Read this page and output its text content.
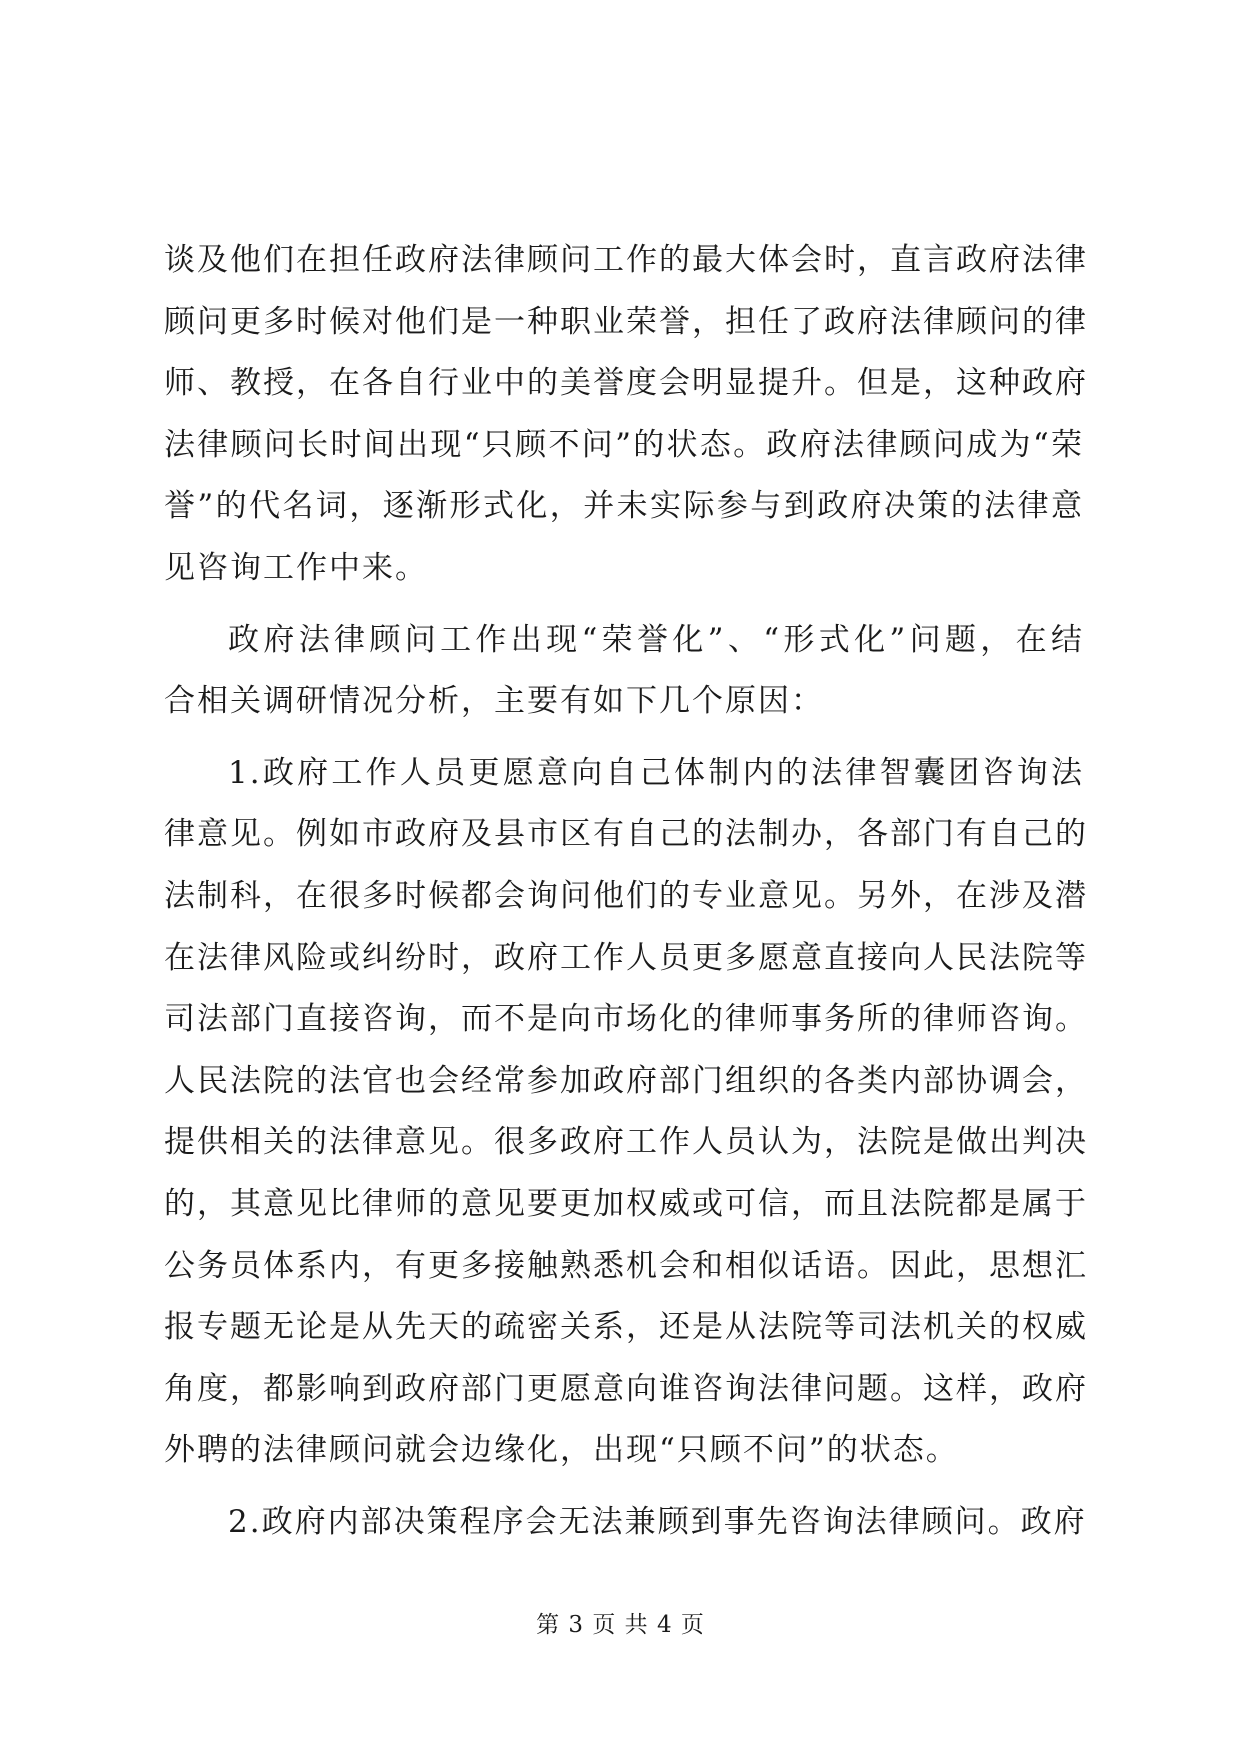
谈及他们在担任政府法律顾问工作的最大体会时，直言政府法律
顾问更多时候对他们是一种职业荣誉，担任了政府法律顾问的律
师、教授，在各自行业中的美誉度会明显提升。但是，这种政府
法律顾问长时间出现“只顾不问”的状态。政府法律顾问成为“荣
誉”的代名词，逐渐形式化，并未实际参与到政府决策的法律意
见咨询工作中来。
政府法律顾问工作出现“荣誉化”、“形式化”问题，在结
合相关调研情况分析，主要有如下几个原因：
1.政府工作人员更愿意向自己体制内的法律智囊团咨询法
律意见。例如市政府及县市区有自己的法制办，各部门有自己的
法制科，在很多时候都会询问他们的专业意见。另外，在涉及潜
在法律风险或纠纷时，政府工作人员更多愿意直接向人民法院等
司法部门直接咨询，而不是向市场化的律师事务所的律师咨询。
人民法院的法官也会经常参加政府部门组织的各类内部协调会，
提供相关的法律意见。很多政府工作人员认为，法院是做出判决
的，其意见比律师的意见要更加权威或可信，而且法院都是属于
公务员体系内，有更多接触熟悉机会和相似话语。因此，思想汇
报专题无论是从先天的疏密关系，还是从法院等司法机关的权威
角度，都影响到政府部门更愿意向谁咨询法律问题。这样，政府
外聘的法律顾问就会边缘化，出现“只顾不问”的状态。
2.政府内部决策程序会无法兼顾到事先咨询法律顾问。政府
第 3 页 共 4 页
